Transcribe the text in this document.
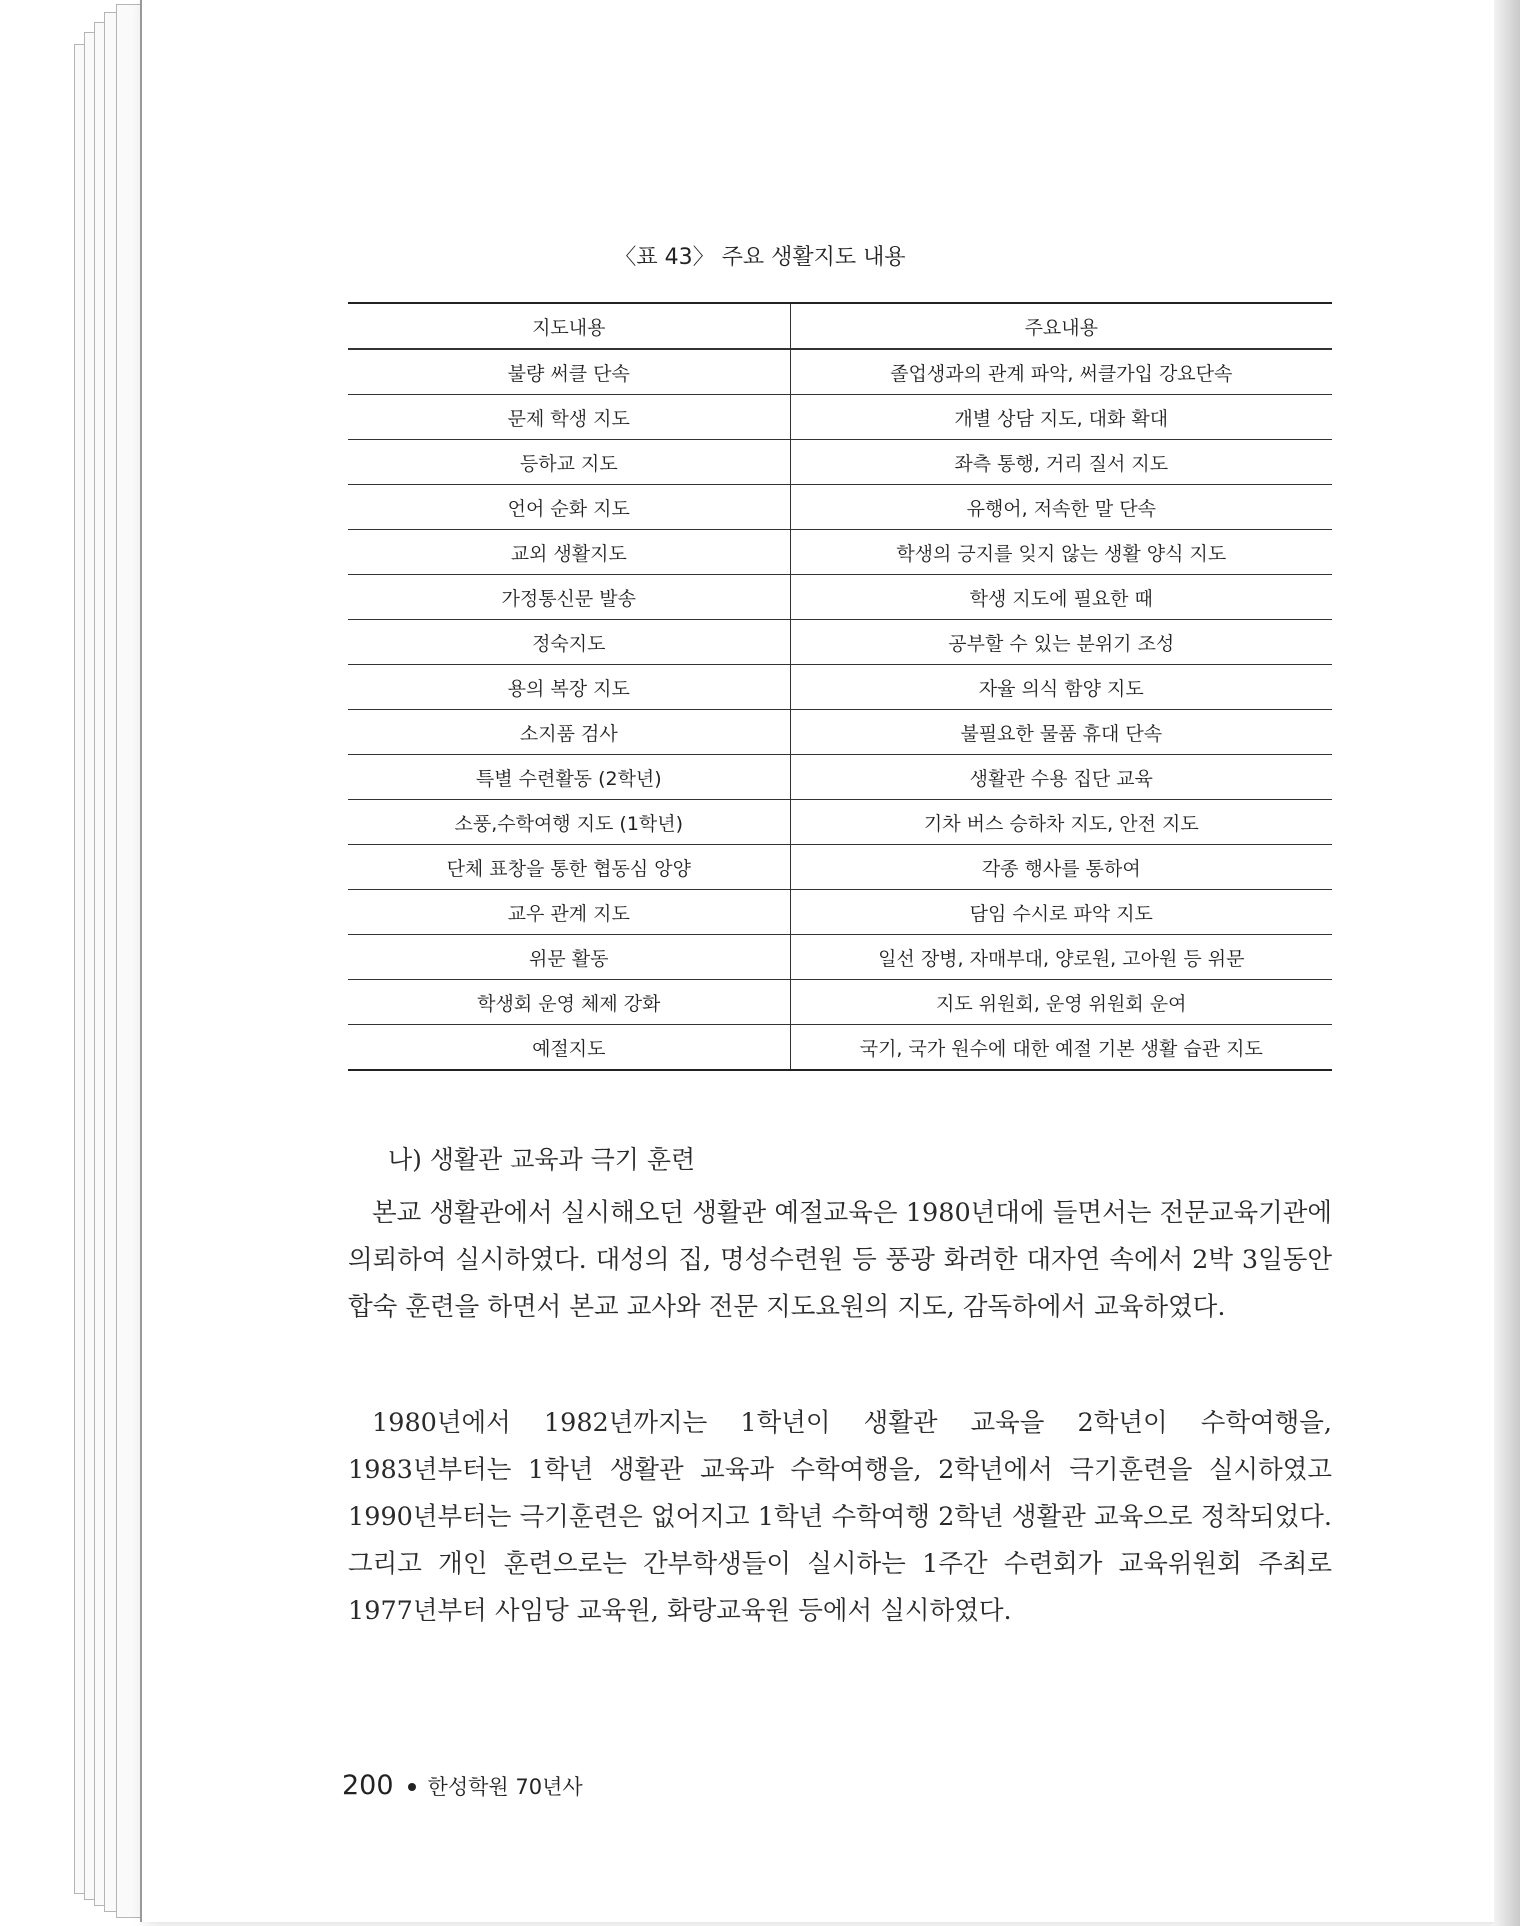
〈표 43〉 주요 생활지도 내용
지도내용	주요내용
불량 써클 단속	졸업생과의 관계 파악, 써클가입 강요단속
문제 학생 지도	개별 상담 지도, 대화 확대
등하교 지도	좌측 통행, 거리 질서 지도
언어 순화 지도	유행어, 저속한 말 단속
교외 생활지도	학생의 긍지를 잊지 않는 생활 양식 지도
가정통신문 발송	학생 지도에 필요한 때
정숙지도	공부할 수 있는 분위기 조성
용의 복장 지도	자율 의식 함양 지도
소지품 검사	불필요한 물품 휴대 단속
특별 수련활동 (2학년)	생활관 수용 집단 교육
소풍,수학여행 지도 (1학년)	기차 버스 승하차 지도, 안전 지도
단체 표창을 통한 협동심 앙양	각종 행사를 통하여
교우 관계 지도	담임 수시로 파악 지도
위문 활동	일선 장병, 자매부대, 양로원, 고아원 등 위문
학생회 운영 체제 강화	지도 위원회, 운영 위원회 운여
예절지도	국기, 국가 원수에 대한 예절 기본 생활 습관 지도
나) 생활관 교육과 극기 훈련

본교 생활관에서 실시해오던 생활관 예절교육은 1980년대에 들면서는 전문교육기관에 의뢰하여 실시하였다. 대성의 집, 명성수련원 등 풍광 화려한 대자연 속에서 2박 3일동안 합숙 훈련을 하면서 본교 교사와 전문 지도요원의 지도, 감독하에서 교육하였다.

1980년에서 1982년까지는 1학년이 생활관 교육을 2학년이 수학여행을, 1983년부터는 1학년 생활관 교육과 수학여행을, 2학년에서 극기훈련을 실시하였고 1990년부터는 극기훈련은 없어지고 1학년 수학여행 2학년 생활관 교육으로 정착되었다. 그리고 개인 훈련으로는 간부학생들이 실시하는 1주간 수련회가 교육위원회 주최로 1977년부터 사임당 교육원, 화랑교육원 등에서 실시하였다.

200 한성학원 70년사
